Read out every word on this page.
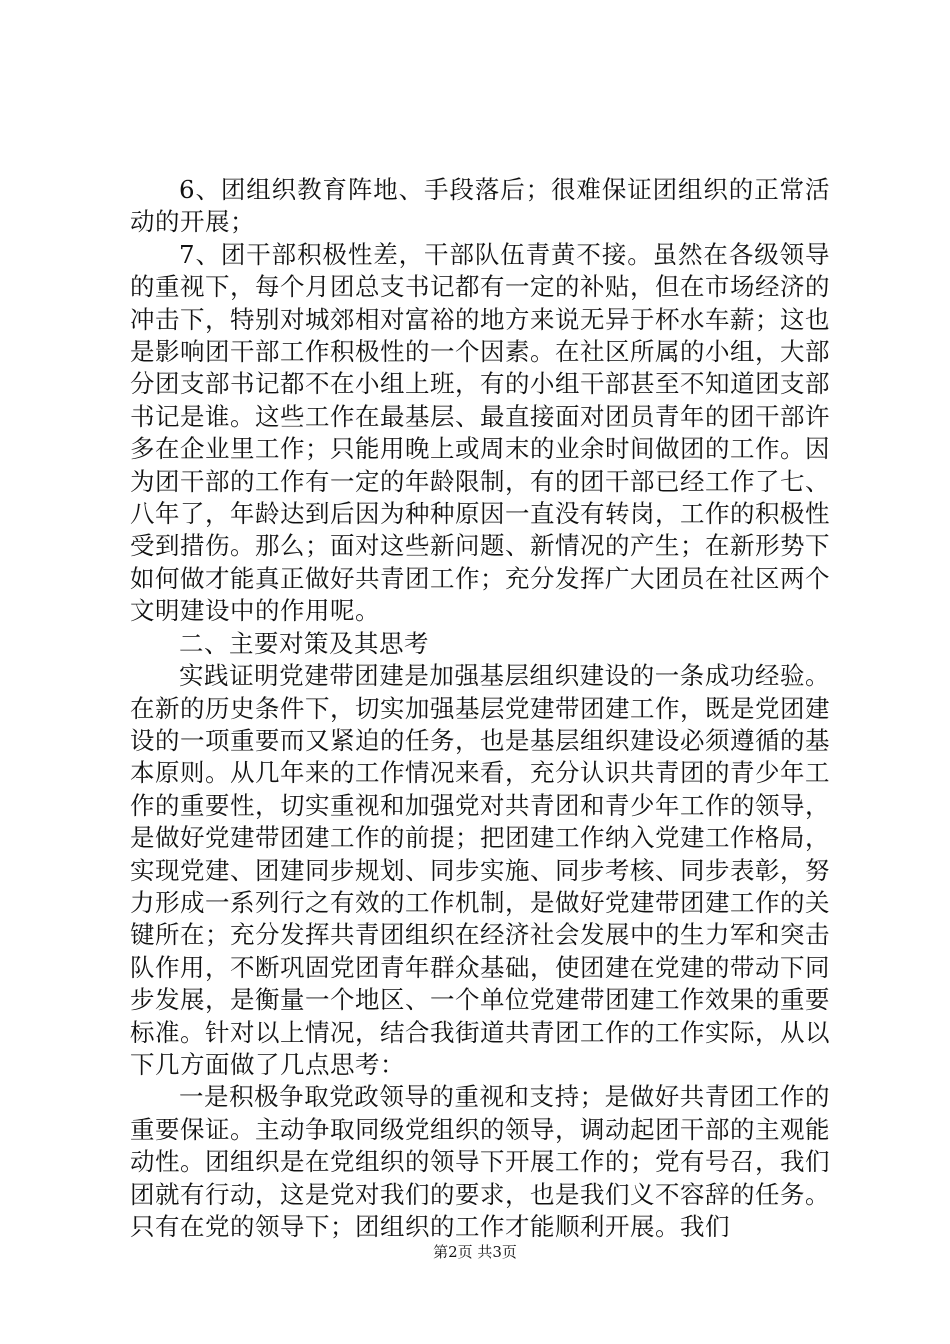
6、团组织教育阵地、手段落后；很难保证团组织的正常活动的开展；

7、团干部积极性差，干部队伍青黄不接。虽然在各级领导的重视下，每个月团总支书记都有一定的补贴，但在市场经济的冲击下，特别对城郊相对富裕的地方来说无异于杯水车薪；这也是影响团干部工作积极性的一个因素。在社区所属的小组，大部分团支部书记都不在小组上班，有的小组干部甚至不知道团支部书记是谁。这些工作在最基层、最直接面对团员青年的团干部许多在企业里工作；只能用晚上或周末的业余时间做团的工作。因为团干部的工作有一定的年龄限制，有的团干部已经工作了七、八年了，年龄达到后因为种种原因一直没有转岗，工作的积极性受到措伤。那么；面对这些新问题、新情况的产生；在新形势下如何做才能真正做好共青团工作；充分发挥广大团员在社区两个文明建设中的作用呢。

二、主要对策及其思考

实践证明党建带团建是加强基层组织建设的一条成功经验。在新的历史条件下，切实加强基层党建带团建工作，既是党团建设的一项重要而又紧迫的任务，也是基层组织建设必须遵循的基本原则。从几年来的工作情况来看，充分认识共青团的青少年工作的重要性，切实重视和加强党对共青团和青少年工作的领导，是做好党建带团建工作的前提；把团建工作纳入党建工作格局，实现党建、团建同步规划、同步实施、同步考核、同步表彰，努力形成一系列行之有效的工作机制，是做好党建带团建工作的关键所在；充分发挥共青团组织在经济社会发展中的生力军和突击队作用，不断巩固党团青年群众基础，使团建在党建的带动下同步发展，是衡量一个地区、一个单位党建带团建工作效果的重要标准。针对以上情况，结合我街道共青团工作的工作实际，从以下几方面做了几点思考：

一是积极争取党政领导的重视和支持；是做好共青团工作的重要保证。主动争取同级党组织的领导，调动起团干部的主观能动性。团组织是在党组织的领导下开展工作的；党有号召，我们团就有行动，这是党对我们的要求，也是我们义不容辞的任务。只有在党的领导下；团组织的工作才能顺利开展。我们

第2页 共3页
